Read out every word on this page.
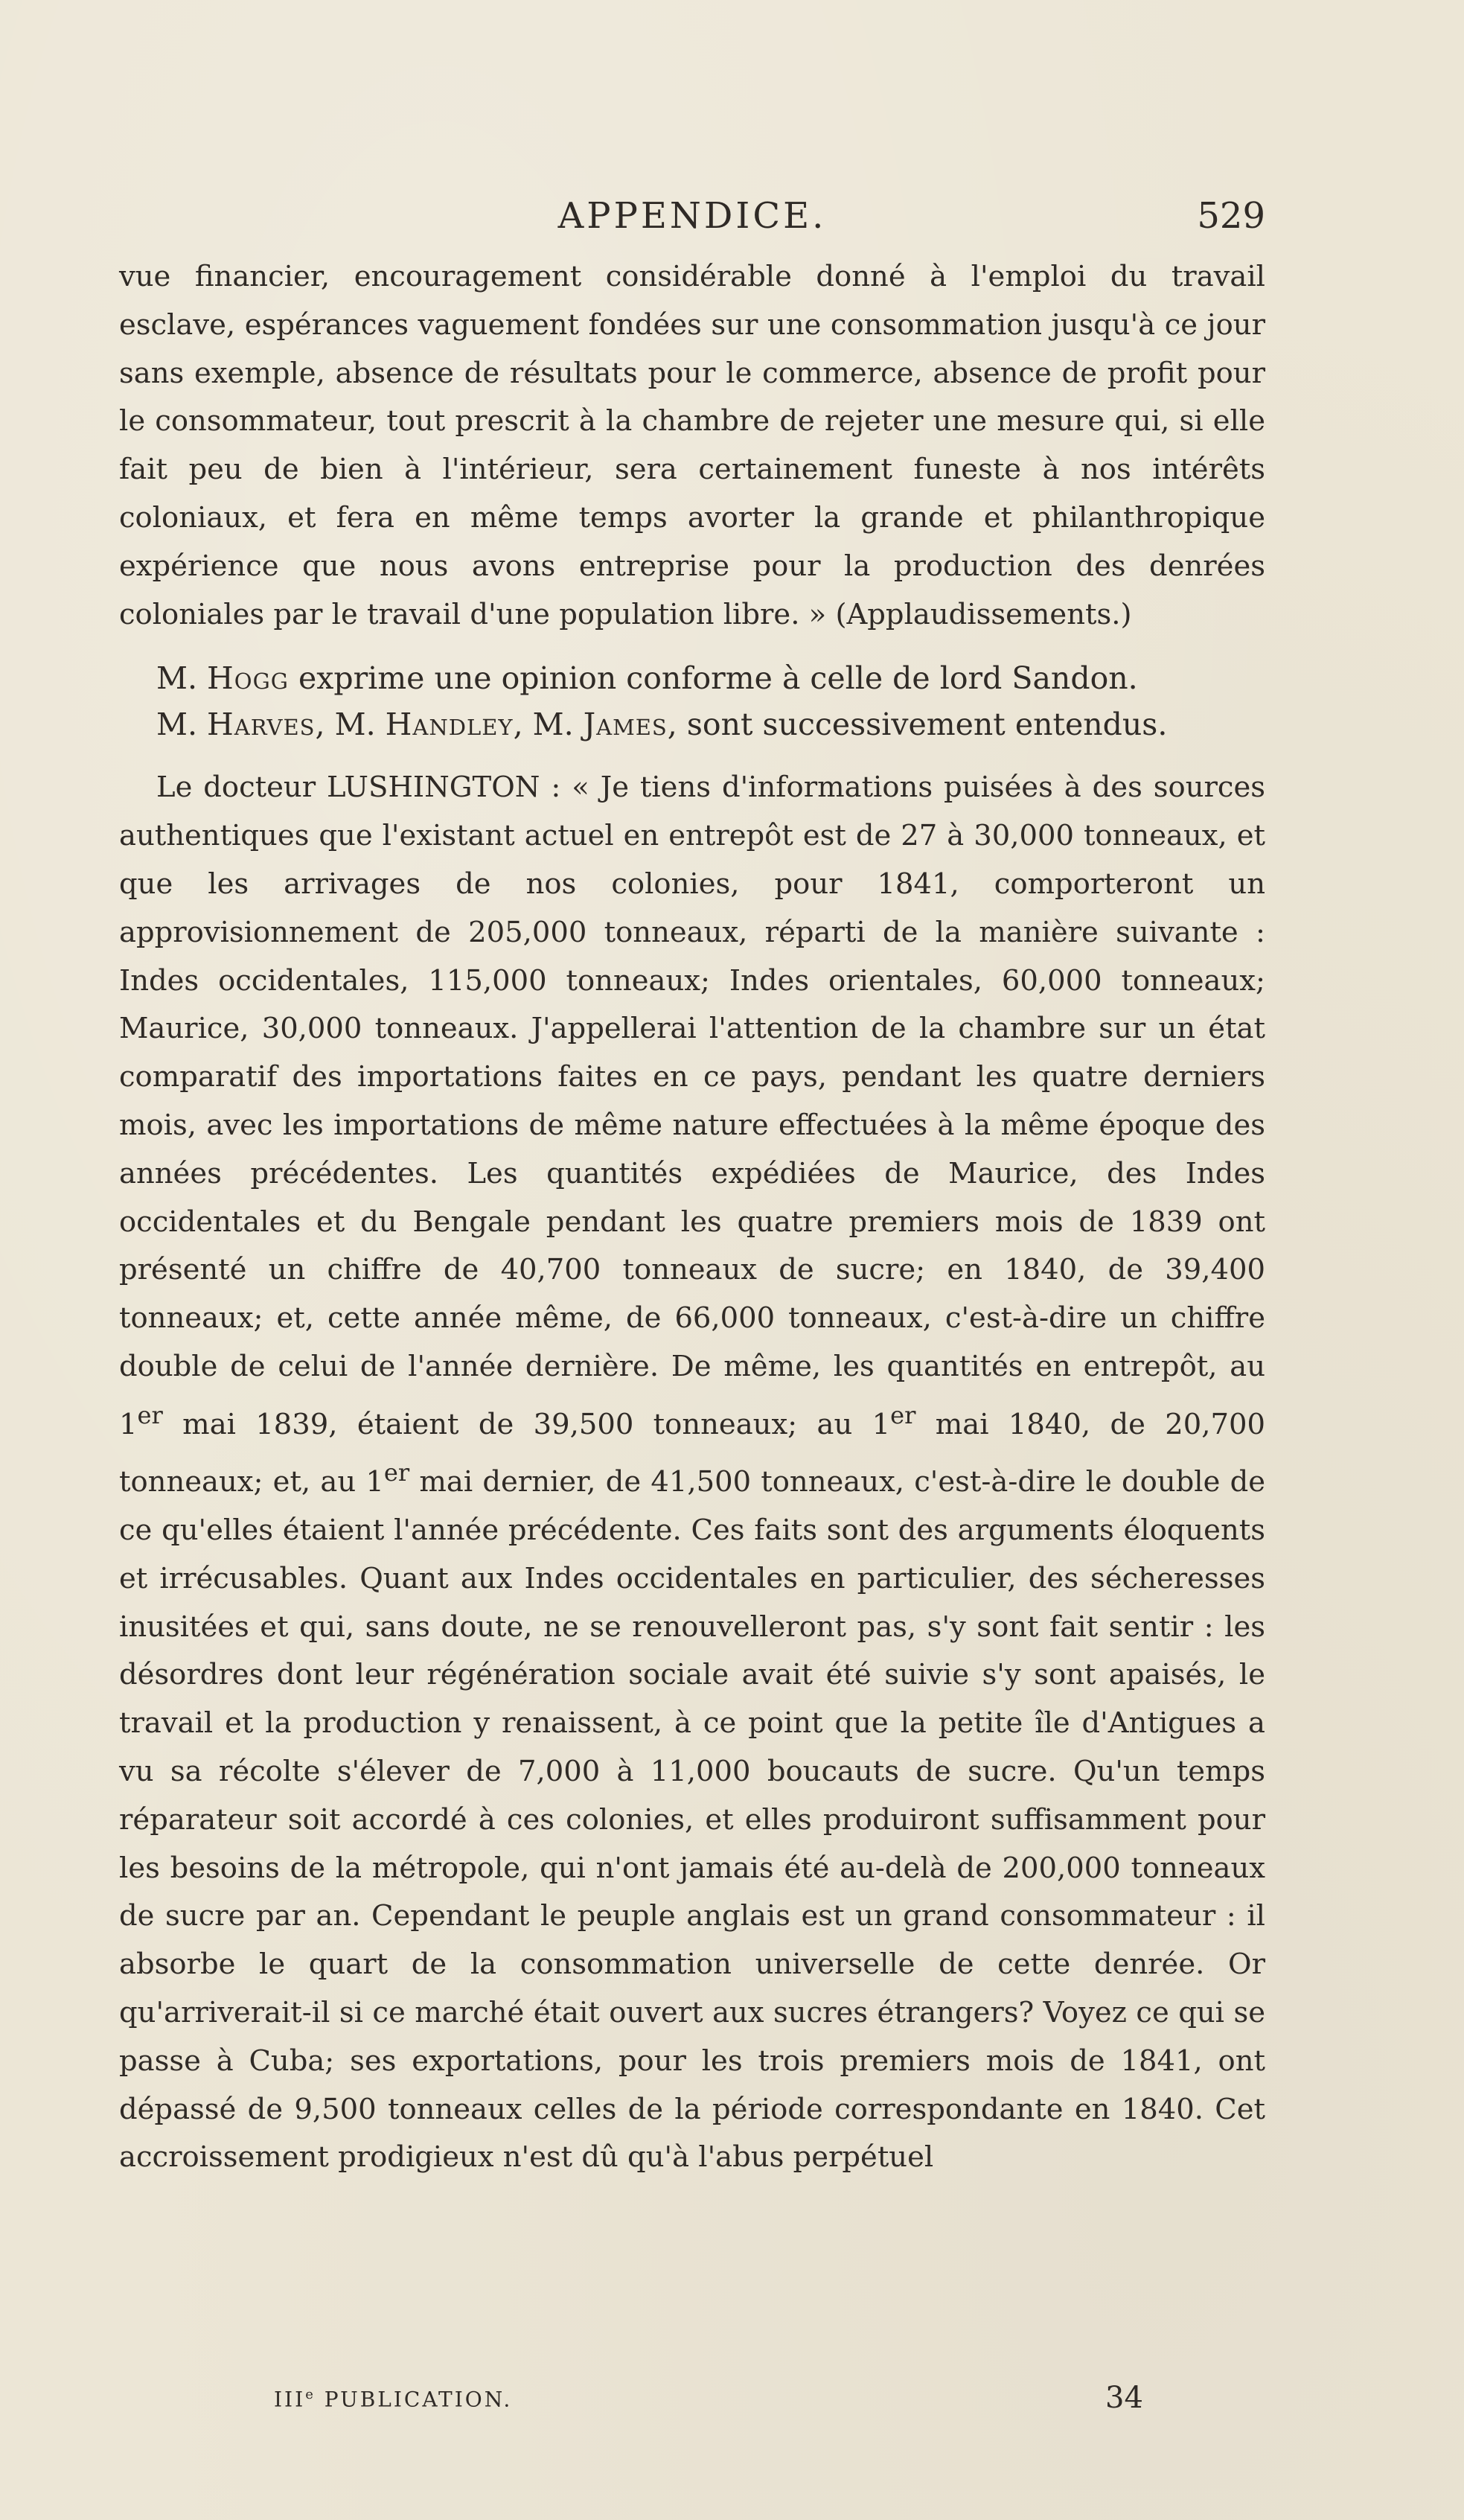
APPENDICE.	529

vue financier, encouragement considérable donné à l'emploi du travail esclave, espérances vaguement fondées sur une consommation jusqu'à ce jour sans exemple, absence de résultats pour le commerce, absence de profit pour le consommateur, tout prescrit à la chambre de rejeter une mesure qui, si elle fait peu de bien à l'intérieur, sera certainement funeste à nos intérêts coloniaux, et fera en même temps avorter la grande et philanthropique expérience que nous avons entreprise pour la production des denrées coloniales par le travail d'une population libre. » (Applaudissements.)

M. Hogg exprime une opinion conforme à celle de lord Sandon.

M. Harves, M. Handley, M. James, sont successivement entendus.

Le docteur LUSHINGTON : « Je tiens d'informations puisées à des sources authentiques que l'existant actuel en entrepôt est de 27 à 30,000 tonneaux, et que les arrivages de nos colonies, pour 1841, comporteront un approvisionnement de 205,000 tonneaux, réparti de la manière suivante : Indes occidentales, 115,000 tonneaux; Indes orientales, 60,000 tonneaux; Maurice, 30,000 tonneaux. J'appellerai l'attention de la chambre sur un état comparatif des importations faites en ce pays, pendant les quatre derniers mois, avec les importations de même nature effectuées à la même époque des années précédentes. Les quantités expédiées de Maurice, des Indes occidentales et du Bengale pendant les quatre premiers mois de 1839 ont présenté un chiffre de 40,700 tonneaux de sucre; en 1840, de 39,400 tonneaux; et, cette année même, de 66,000 tonneaux, c'est-à-dire un chiffre double de celui de l'année dernière. De même, les quantités en entrepôt, au 1er mai 1839, étaient de 39,500 tonneaux; au 1er mai 1840, de 20,700 tonneaux; et, au 1er mai dernier, de 41,500 tonneaux, c'est-à-dire le double de ce qu'elles étaient l'année précédente. Ces faits sont des arguments éloquents et irrécusables. Quant aux Indes occidentales en particulier, des sécheresses inusitées et qui, sans doute, ne se renouvelleront pas, s'y sont fait sentir : les désordres dont leur régénération sociale avait été suivie s'y sont apaisés, le travail et la production y renaissent, à ce point que la petite île d'Antigues a vu sa récolte s'élever de 7,000 à 11,000 boucauts de sucre. Qu'un temps réparateur soit accordé à ces colonies, et elles produiront suffisamment pour les besoins de la métropole, qui n'ont jamais été au-delà de 200,000 tonneaux de sucre par an. Cependant le peuple anglais est un grand consommateur : il absorbe le quart de la consommation universelle de cette denrée. Or qu'arriverait-il si ce marché était ouvert aux sucres étrangers? Voyez ce qui se passe à Cuba; ses exportations, pour les trois premiers mois de 1841, ont dépassé de 9,500 tonneaux celles de la période correspondante en 1840. Cet accroissement prodigieux n'est dû qu'à l'abus perpétuel

IIIe PUBLICATION.	34
